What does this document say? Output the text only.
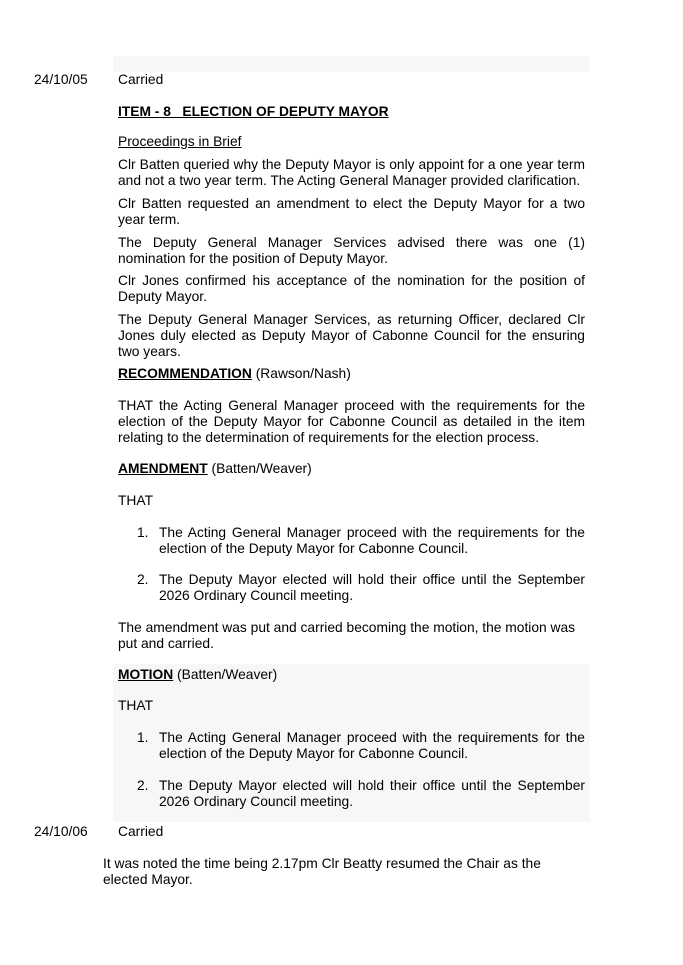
24/10/05 Carried
ITEM - 8   ELECTION OF DEPUTY MAYOR
Proceedings in Brief

Clr Batten queried why the Deputy Mayor is only appoint for a one year term and not a two year term. The Acting General Manager provided clarification.

Clr Batten requested an amendment to elect the Deputy Mayor for a two year term.

The Deputy General Manager Services advised there was one (1) nomination for the position of Deputy Mayor.

Clr Jones confirmed his acceptance of the nomination for the position of Deputy Mayor.

The Deputy General Manager Services, as returning Officer, declared Clr Jones duly elected as Deputy Mayor of Cabonne Council for the ensuring two years.

RECOMMENDATION (Rawson/Nash)

THAT the Acting General Manager proceed with the requirements for the election of the Deputy Mayor for Cabonne Council as detailed in the item relating to the determination of requirements for the election process.

AMENDMENT (Batten/Weaver)
THAT
1. The Acting General Manager proceed with the requirements for the election of the Deputy Mayor for Cabonne Council.

2. The Deputy Mayor elected will hold their office until the September 2026 Ordinary Council meeting.

The amendment was put and carried becoming the motion, the motion was put and carried.

MOTION (Batten/Weaver)
THAT
1. The Acting General Manager proceed with the requirements for the election of the Deputy Mayor for Cabonne Council.

2. The Deputy Mayor elected will hold their office until the September 2026 Ordinary Council meeting.

24/10/06 Carried

It was noted the time being 2.17pm Clr Beatty resumed the Chair as the elected Mayor.
